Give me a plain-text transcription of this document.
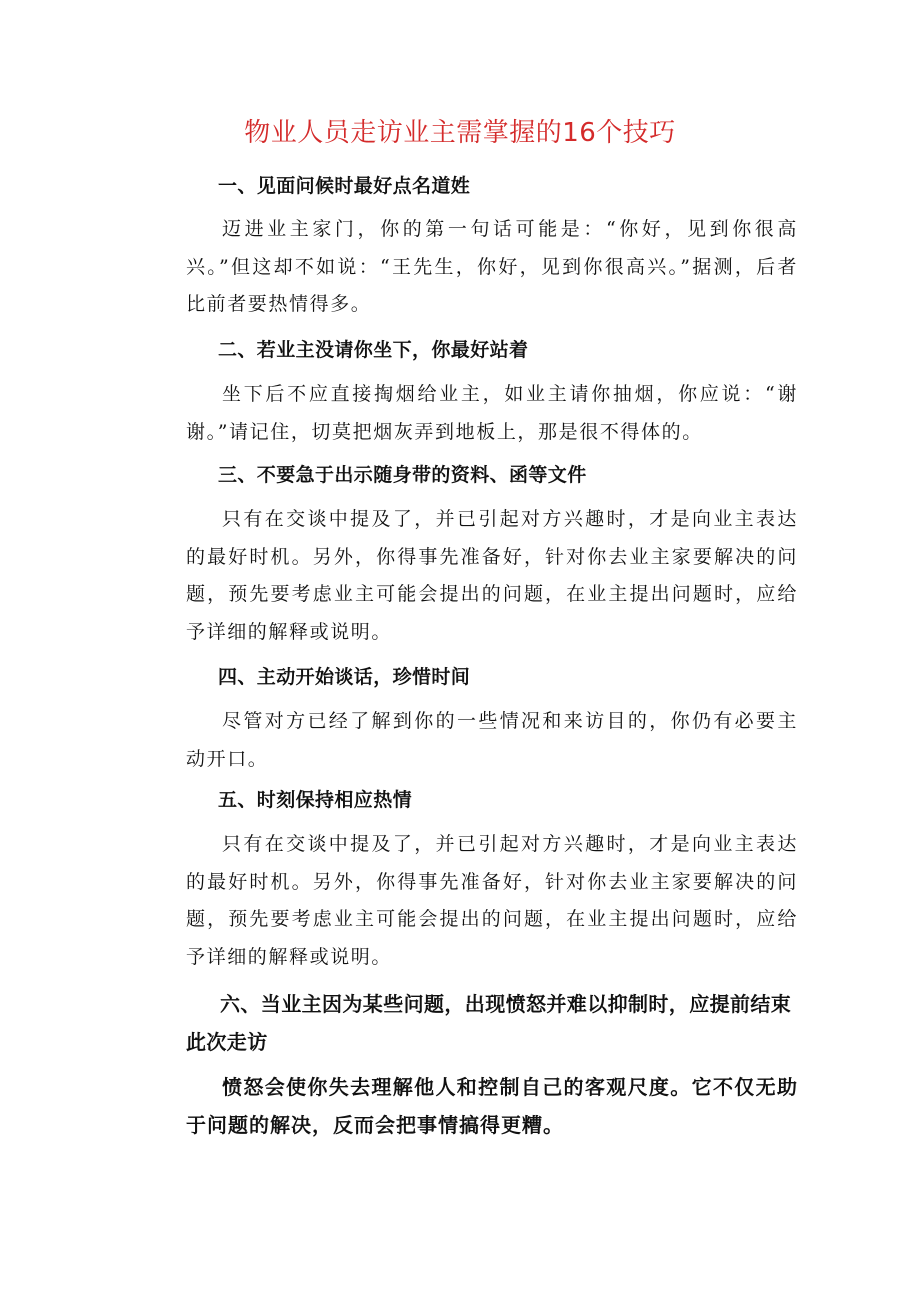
物业人员走访业主需掌握的16个技巧
一、见面问候时最好点名道姓
迈进业主家门，你的第一句话可能是：“你好，见到你很高兴。”但这却不如说：“王先生，你好，见到你很高兴。”据测，后者比前者要热情得多。
二、若业主没请你坐下，你最好站着
坐下后不应直接掏烟给业主，如业主请你抽烟，你应说：“谢谢。”请记住，切莫把烟灰弄到地板上，那是很不得体的。
三、不要急于出示随身带的资料、函等文件
只有在交谈中提及了，并已引起对方兴趣时，才是向业主表达的最好时机。另外，你得事先准备好，针对你去业主家要解决的问题，预先要考虑业主可能会提出的问题，在业主提出问题时，应给予详细的解释或说明。
四、主动开始谈话，珍惜时间
尽管对方已经了解到你的一些情况和来访目的，你仍有必要主动开口。
五、时刻保持相应热情
只有在交谈中提及了，并已引起对方兴趣时，才是向业主表达的最好时机。另外，你得事先准备好，针对你去业主家要解决的问题，预先要考虑业主可能会提出的问题，在业主提出问题时，应给予详细的解释或说明。
六、当业主因为某些问题，出现愤怒并难以抑制时，应提前结束此次走访
愤怒会使你失去理解他人和控制自己的客观尺度。它不仅无助于问题的解决，反而会把事情搞得更糟。
